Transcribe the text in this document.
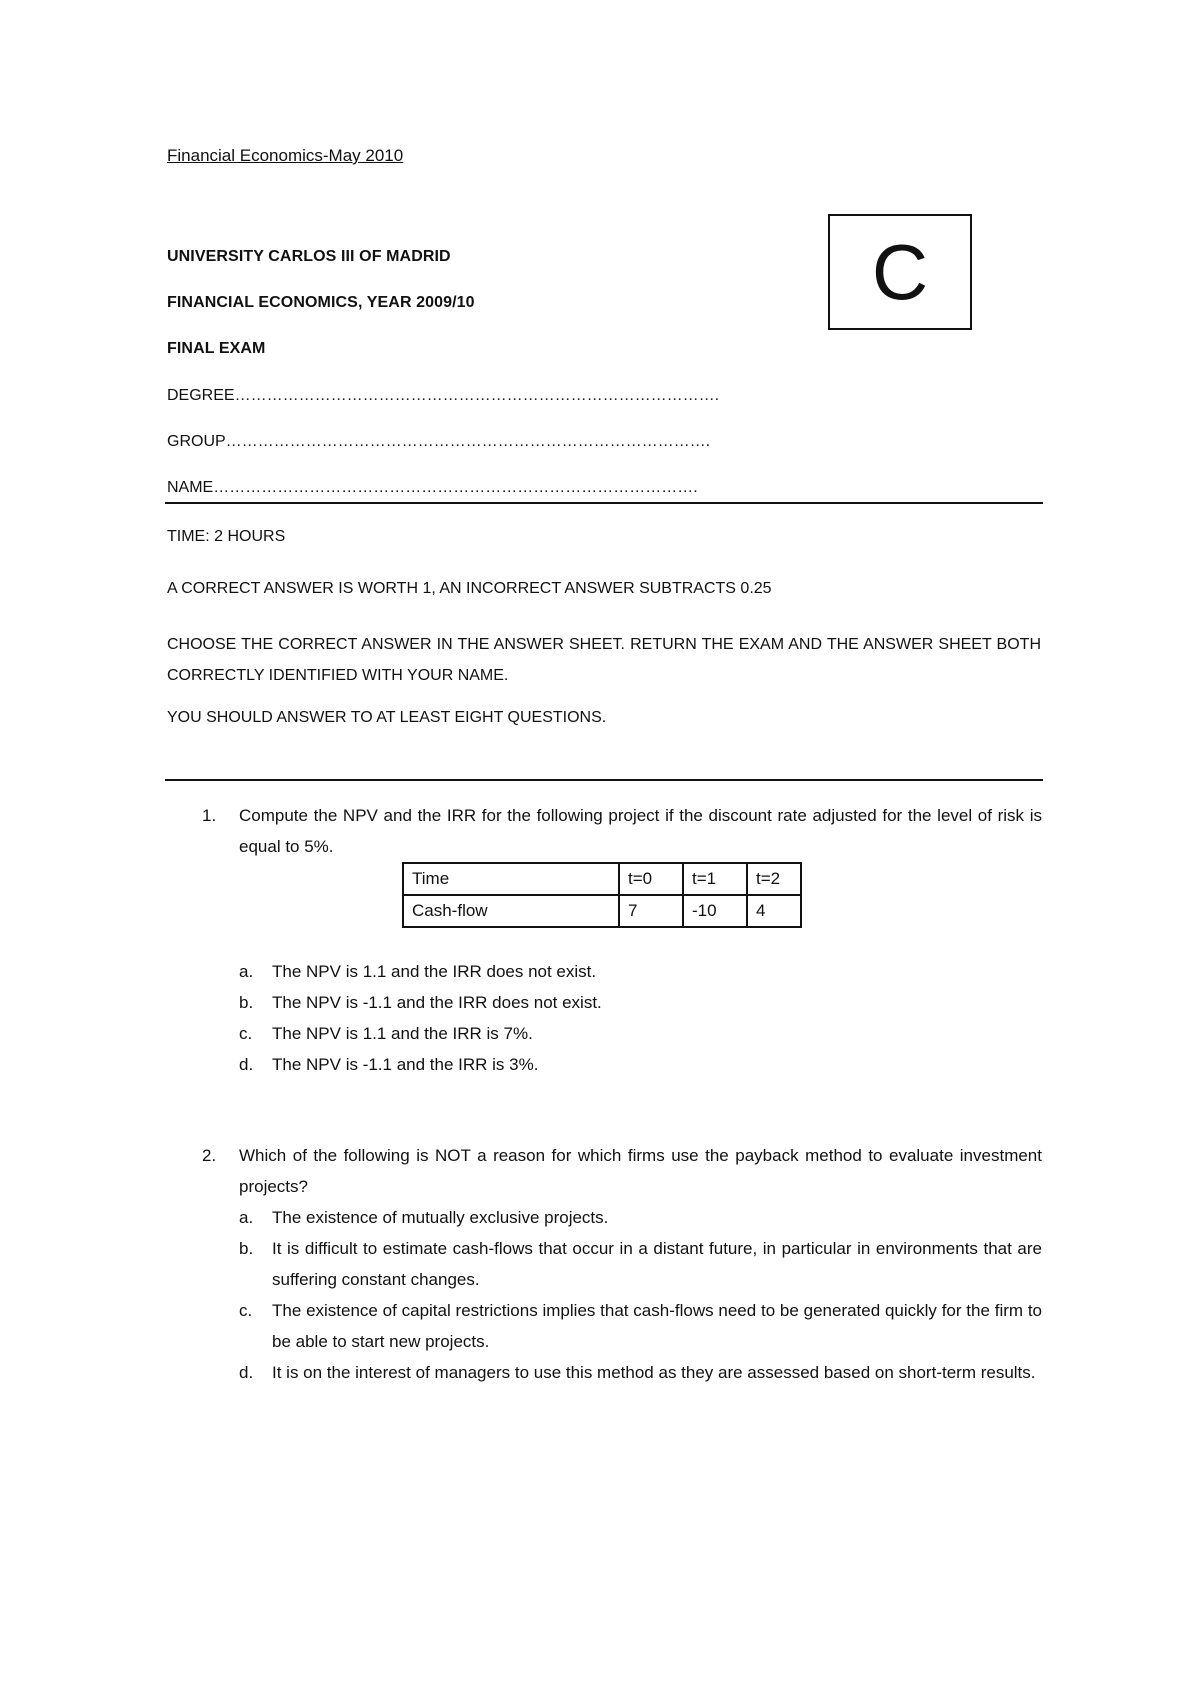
Financial Economics-May 2010
UNIVERSITY CARLOS III OF MADRID
FINANCIAL ECONOMICS, YEAR 2009/10
FINAL EXAM
C
DEGREE……………………………………………………………………………….
GROUP……………………………………………………………………………….
NAME……………………………………………………………………………….
TIME: 2 HOURS
A CORRECT ANSWER IS WORTH 1, AN INCORRECT ANSWER SUBTRACTS 0.25
CHOOSE THE CORRECT ANSWER IN THE ANSWER SHEET. RETURN THE EXAM AND THE ANSWER SHEET BOTH CORRECTLY IDENTIFIED WITH YOUR NAME.
YOU SHOULD ANSWER TO AT LEAST EIGHT QUESTIONS.
1. Compute the NPV and the IRR for the following project if the discount rate adjusted for the level of risk is equal to 5%.
Time	t=0	t=1	t=2
Cash-flow	7	-10	4
a. The NPV is 1.1 and the IRR does not exist.
b. The NPV is -1.1 and the IRR does not exist.
c. The NPV is 1.1 and the IRR is 7%.
d. The NPV is -1.1 and the IRR is 3%.
2. Which of the following is NOT a reason for which firms use the payback method to evaluate investment projects?
a. The existence of mutually exclusive projects.
b. It is difficult to estimate cash-flows that occur in a distant future, in particular in environments that are suffering constant changes.
c. The existence of capital restrictions implies that cash-flows need to be generated quickly for the firm to be able to start new projects.
d. It is on the interest of managers to use this method as they are assessed based on short-term results.
